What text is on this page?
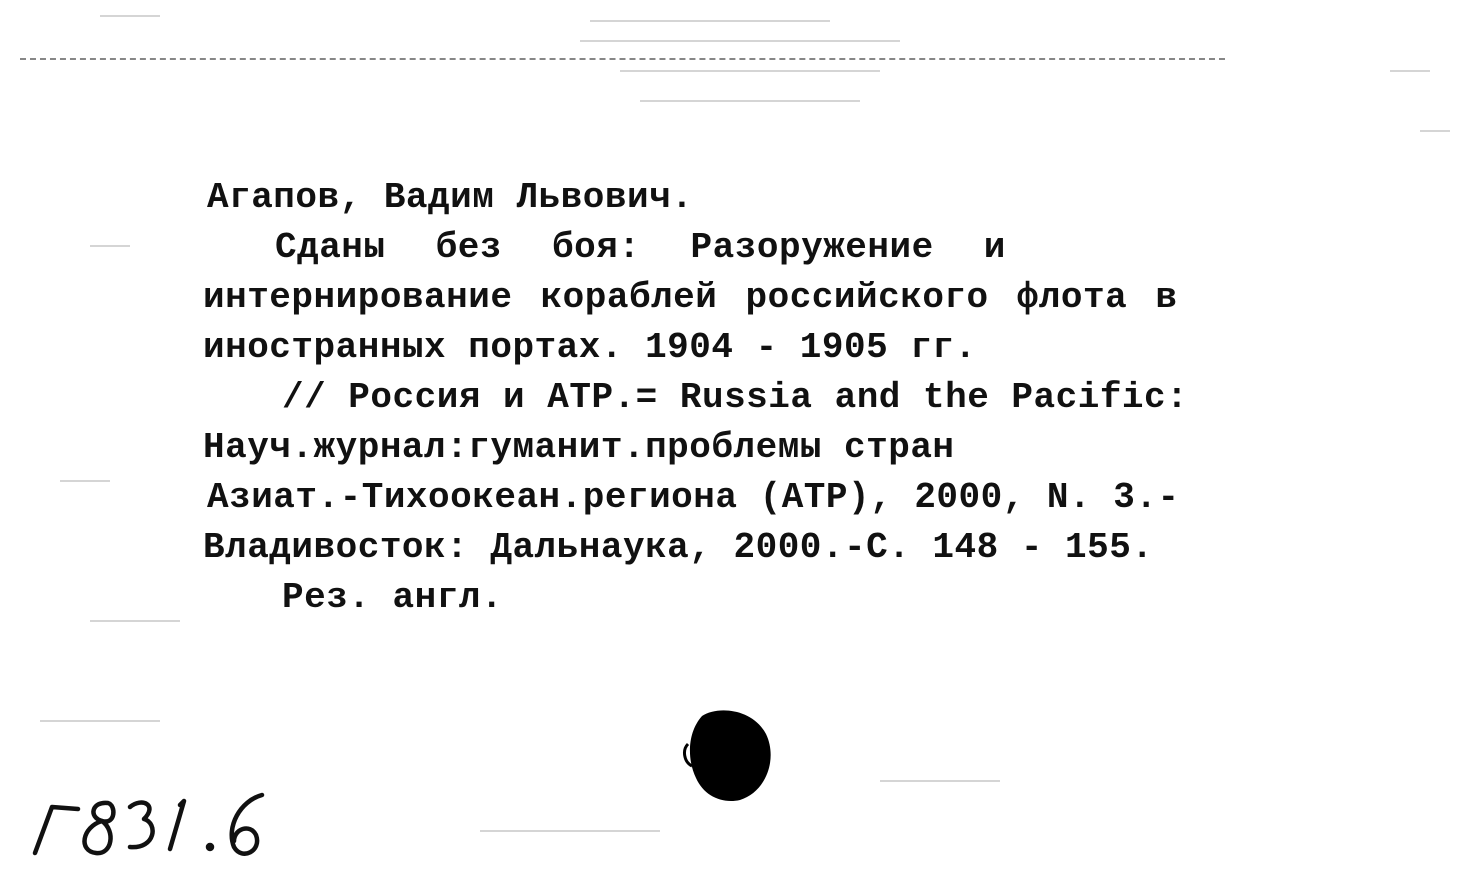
Агапов, Вадим Львович.
Сданы без боя: Разоружение и
интернирование кораблей российского флота в
иностранных портах. 1904 - 1905 гг.
// Россия и АТР.= Russia and the Pacific:
Науч.журнал:гуманит.проблемы стран
Азиат.-Тихоокеан.региона (АТР), 2000, N. 3.-
Владивосток: Дальнаука, 2000.-С. 148 - 155.
Рез. англ.
Г831.6
